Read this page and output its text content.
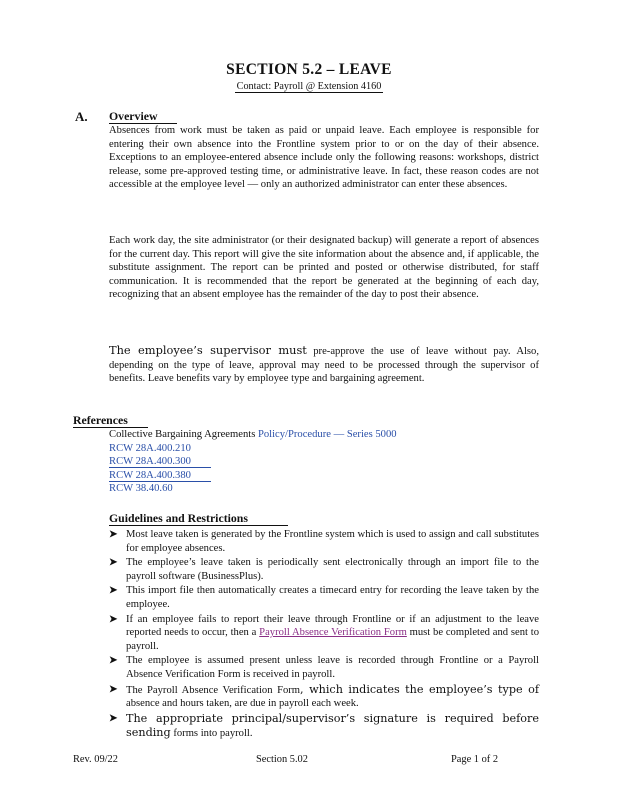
SECTION 5.2 – LEAVE
Contact: Payroll @ Extension 4160
A. Overview

Absences from work must be taken as paid or unpaid leave. Each employee is responsible for entering their own absence into the Frontline system prior to or on the day of their absence. Exceptions to an employee-entered absence include only the following reasons: workshops, district release, some pre-approved testing time, or administrative leave. In fact, these reason codes are not accessible at the employee level — only an authorized administrator can enter these absences.

Each work day, the site administrator (or their designated backup) will generate a report of absences for the current day. This report will give the site information about the absence and, if applicable, the substitute assignment. The report can be printed and posted or otherwise distributed, for staff communication. It is recommended that the report be generated at the beginning of each day, recognizing that an absent employee has the remainder of the day to post their absence.

The employee’s supervisor must pre-approve the use of leave without pay. Also, depending on the type of leave, approval may need to be processed through the supervisor of benefits. Leave benefits vary by employee type and bargaining agreement.

References
Collective Bargaining Agreements Policy/Procedure — Series 5000
RCW 28A.400.210
RCW 28A.400.300
RCW 28A.400.380
RCW 38.40.60
Guidelines and Restrictions
➤ Most leave taken is generated by the Frontline system which is used to assign and call substitutes for employee absences.
➤ The employee’s leave taken is periodically sent electronically through an import file to the payroll software (BusinessPlus).
➤ This import file then automatically creates a timecard entry for recording the leave taken by the employee.
➤ If an employee fails to report their leave through Frontline or if an adjustment to the leave reported needs to occur, then a Payroll Absence Verification Form must be completed and sent to payroll.
➤ The employee is assumed present unless leave is recorded through Frontline or a Payroll Absence Verification Form is received in payroll.
➤ The Payroll Absence Verification Form, which indicates the employee’s type of absence and hours taken, are due in payroll each week.
➤ The appropriate principal/supervisor’s signature is required before sending forms into payroll.
Rev. 09/22	Section 5.02	Page 1 of 2
